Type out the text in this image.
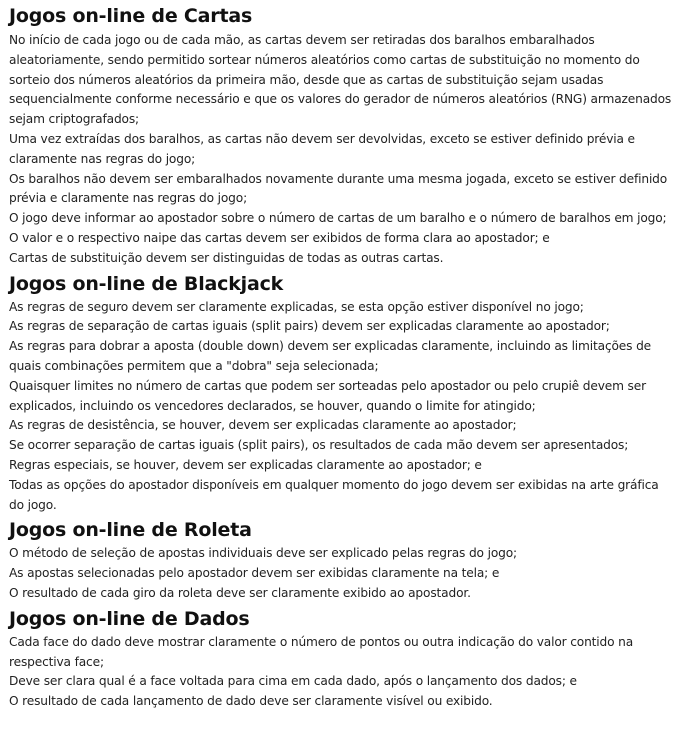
Jogos on-line de Cartas

No início de cada jogo ou de cada mão, as cartas devem ser retiradas dos baralhos embaralhados aleatoriamente, sendo permitido sortear números aleatórios como cartas de substituição no momento do sorteio dos números aleatórios da primeira mão, desde que as cartas de substituição sejam usadas sequencialmente conforme necessário e que os valores do gerador de números aleatórios (RNG) armazenados sejam criptografados;

Uma vez extraídas dos baralhos, as cartas não devem ser devolvidas, exceto se estiver definido prévia e claramente nas regras do jogo;

Os baralhos não devem ser embaralhados novamente durante uma mesma jogada, exceto se estiver definido prévia e claramente nas regras do jogo;

O jogo deve informar ao apostador sobre o número de cartas de um baralho e o número de baralhos em jogo;

O valor e o respectivo naipe das cartas devem ser exibidos de forma clara ao apostador; e

Cartas de substituição devem ser distinguidas de todas as outras cartas.

Jogos on-line de Blackjack

As regras de seguro devem ser claramente explicadas, se esta opção estiver disponível no jogo;

As regras de separação de cartas iguais (split pairs) devem ser explicadas claramente ao apostador;

As regras para dobrar a aposta (double down) devem ser explicadas claramente, incluindo as limitações de quais combinações permitem que a "dobra" seja selecionada;

Quaisquer limites no número de cartas que podem ser sorteadas pelo apostador ou pelo crupiê devem ser explicados, incluindo os vencedores declarados, se houver, quando o limite for atingido;

As regras de desistência, se houver, devem ser explicadas claramente ao apostador;

Se ocorrer separação de cartas iguais (split pairs), os resultados de cada mão devem ser apresentados;

Regras especiais, se houver, devem ser explicadas claramente ao apostador; e

Todas as opções do apostador disponíveis em qualquer momento do jogo devem ser exibidas na arte gráfica do jogo.

Jogos on-line de Roleta

O método de seleção de apostas individuais deve ser explicado pelas regras do jogo;

As apostas selecionadas pelo apostador devem ser exibidas claramente na tela; e

O resultado de cada giro da roleta deve ser claramente exibido ao apostador.

Jogos on-line de Dados

Cada face do dado deve mostrar claramente o número de pontos ou outra indicação do valor contido na respectiva face;

Deve ser clara qual é a face voltada para cima em cada dado, após o lançamento dos dados; e

O resultado de cada lançamento de dado deve ser claramente visível ou exibido.
